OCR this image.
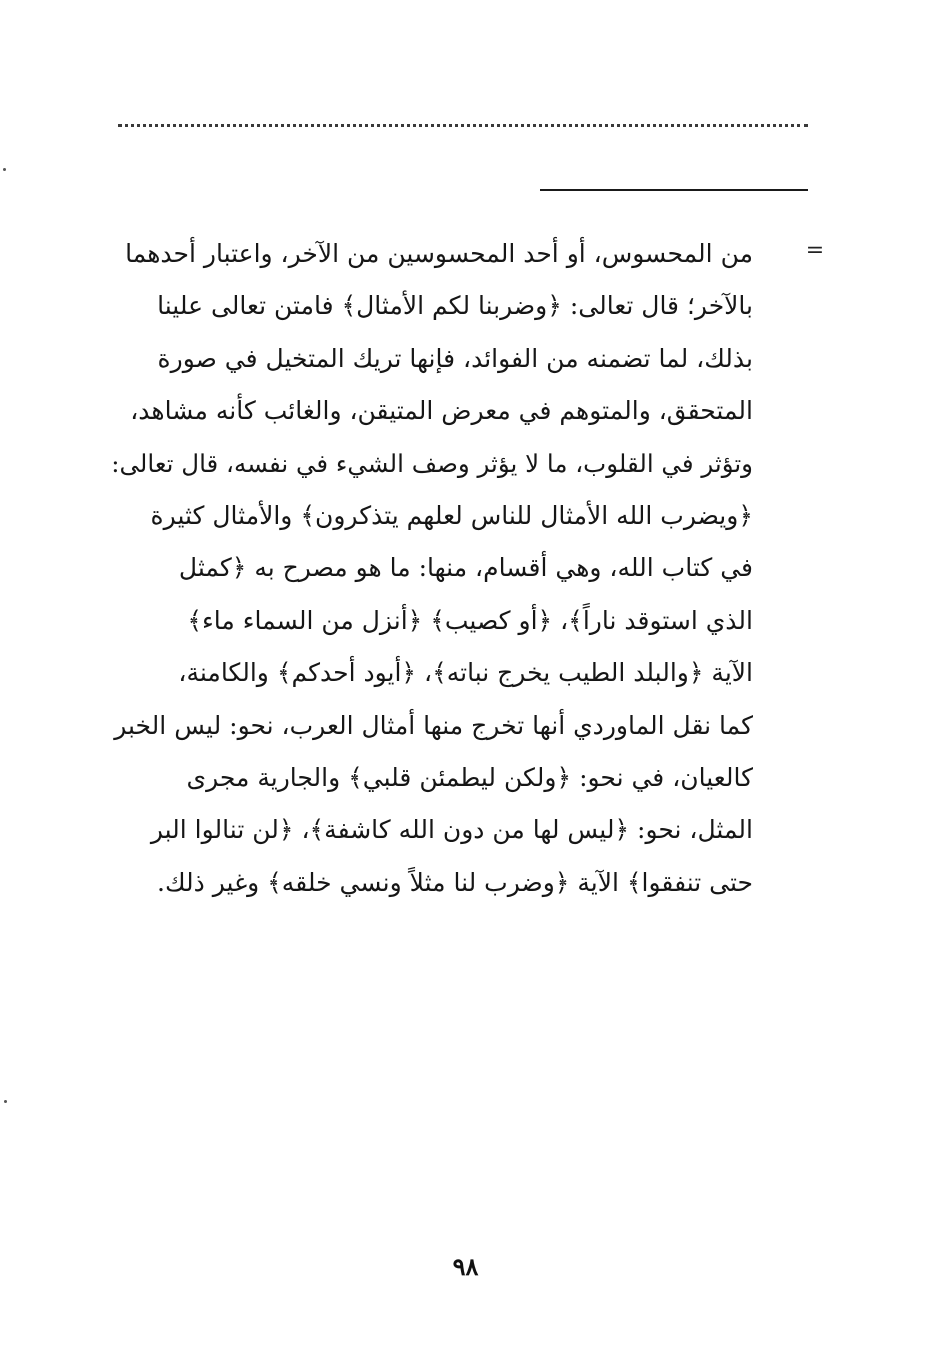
=
من المحسوس، أو أحد المحسوسين من الآخر، واعتبار أحدهما
بالآخر؛ قال تعالى: ﴿وضربنا لكم الأمثال﴾ فامتن تعالى علينا
بذلك، لما تضمنه من الفوائد، فإنها تريك المتخيل في صورة
المتحقق، والمتوهم في معرض المتيقن، والغائب كأنه مشاهد،
وتؤثر في القلوب، ما لا يؤثر وصف الشيء في نفسه، قال تعالى:
﴿ويضرب الله الأمثال للناس لعلهم يتذكرون﴾ والأمثال كثيرة
في كتاب الله، وهي أقسام، منها: ما هو مصرح به ﴿كمثل
الذي استوقد ناراً﴾، ﴿أو كصيب﴾ ﴿أنزل من السماء ماء﴾
الآية ﴿والبلد الطيب يخرج نباته﴾، ﴿أيود أحدكم﴾ والكامنة،
كما نقل الماوردي أنها تخرج منها أمثال العرب، نحو: ليس الخبر
كالعيان، في نحو: ﴿ولكن ليطمئن قلبي﴾ والجارية مجرى
المثل، نحو: ﴿ليس لها من دون الله كاشفة﴾، ﴿لن تنالوا البر
حتى تنفقوا﴾ الآية ﴿وضرب لنا مثلاً ونسي خلقه﴾ وغير ذلك.
٩٨
